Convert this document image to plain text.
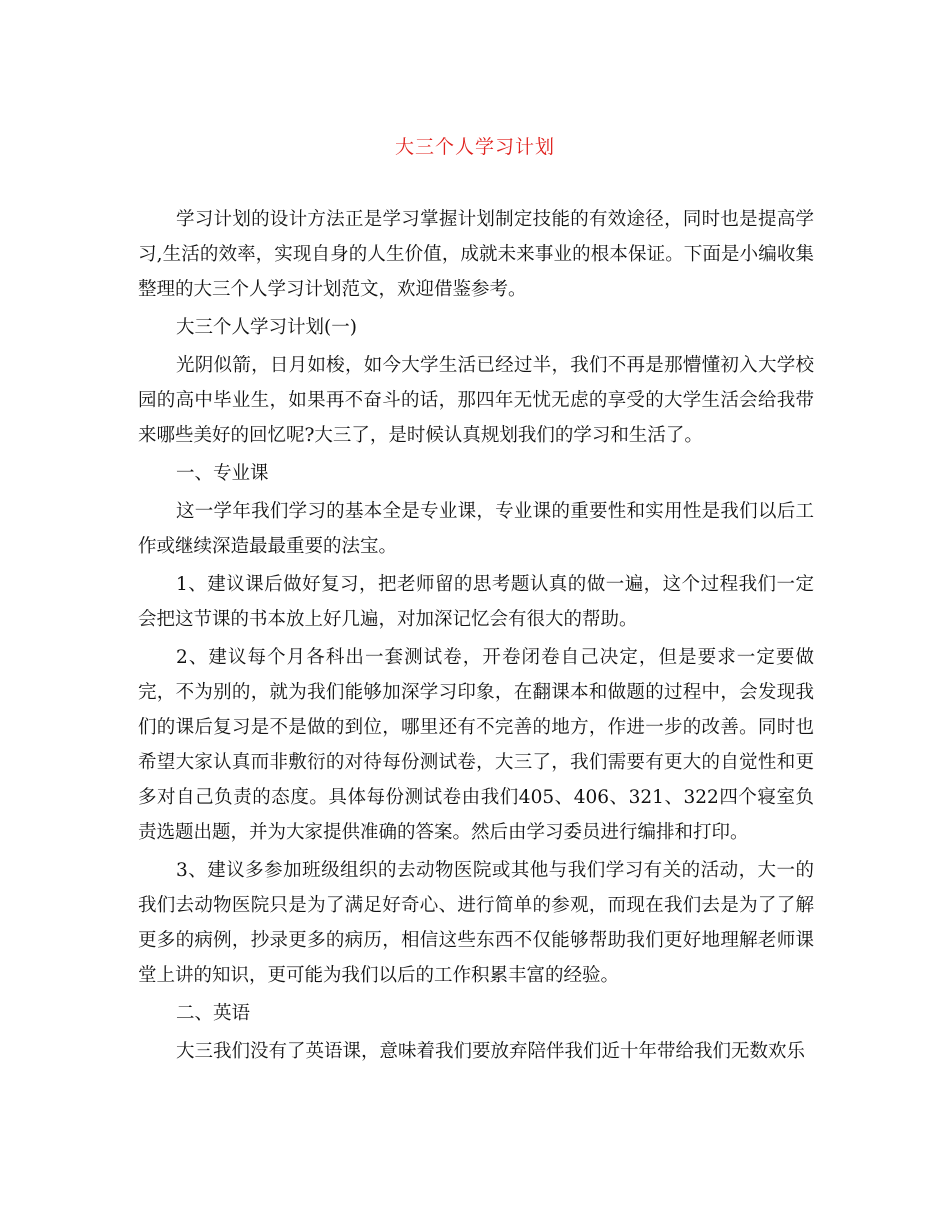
大三个人学习计划

学习计划的设计方法正是学习掌握计划制定技能的有效途径，同时也是提高学习,生活的效率，实现自身的人生价值，成就未来事业的根本保证。下面是小编收集整理的大三个人学习计划范文，欢迎借鉴参考。

大三个人学习计划(一)

光阴似箭，日月如梭，如今大学生活已经过半，我们不再是那懵懂初入大学校园的高中毕业生，如果再不奋斗的话，那四年无忧无虑的享受的大学生活会给我带来哪些美好的回忆呢?大三了，是时候认真规划我们的学习和生活了。

一、专业课

这一学年我们学习的基本全是专业课，专业课的重要性和实用性是我们以后工作或继续深造最最重要的法宝。

1、建议课后做好复习，把老师留的思考题认真的做一遍，这个过程我们一定会把这节课的书本放上好几遍，对加深记忆会有很大的帮助。

2、建议每个月各科出一套测试卷，开卷闭卷自己决定，但是要求一定要做完，不为别的，就为我们能够加深学习印象，在翻课本和做题的过程中，会发现我们的课后复习是不是做的到位，哪里还有不完善的地方，作进一步的改善。同时也希望大家认真而非敷衍的对待每份测试卷，大三了，我们需要有更大的自觉性和更多对自己负责的态度。具体每份测试卷由我们405、406、321、322四个寝室负责选题出题，并为大家提供准确的答案。然后由学习委员进行编排和打印。

3、建议多参加班级组织的去动物医院或其他与我们学习有关的活动，大一的我们去动物医院只是为了满足好奇心、进行简单的参观，而现在我们去是为了了解更多的病例，抄录更多的病历，相信这些东西不仅能够帮助我们更好地理解老师课堂上讲的知识，更可能为我们以后的工作积累丰富的经验。

二、英语

大三我们没有了英语课，意味着我们要放弃陪伴我们近十年带给我们无数欢乐
